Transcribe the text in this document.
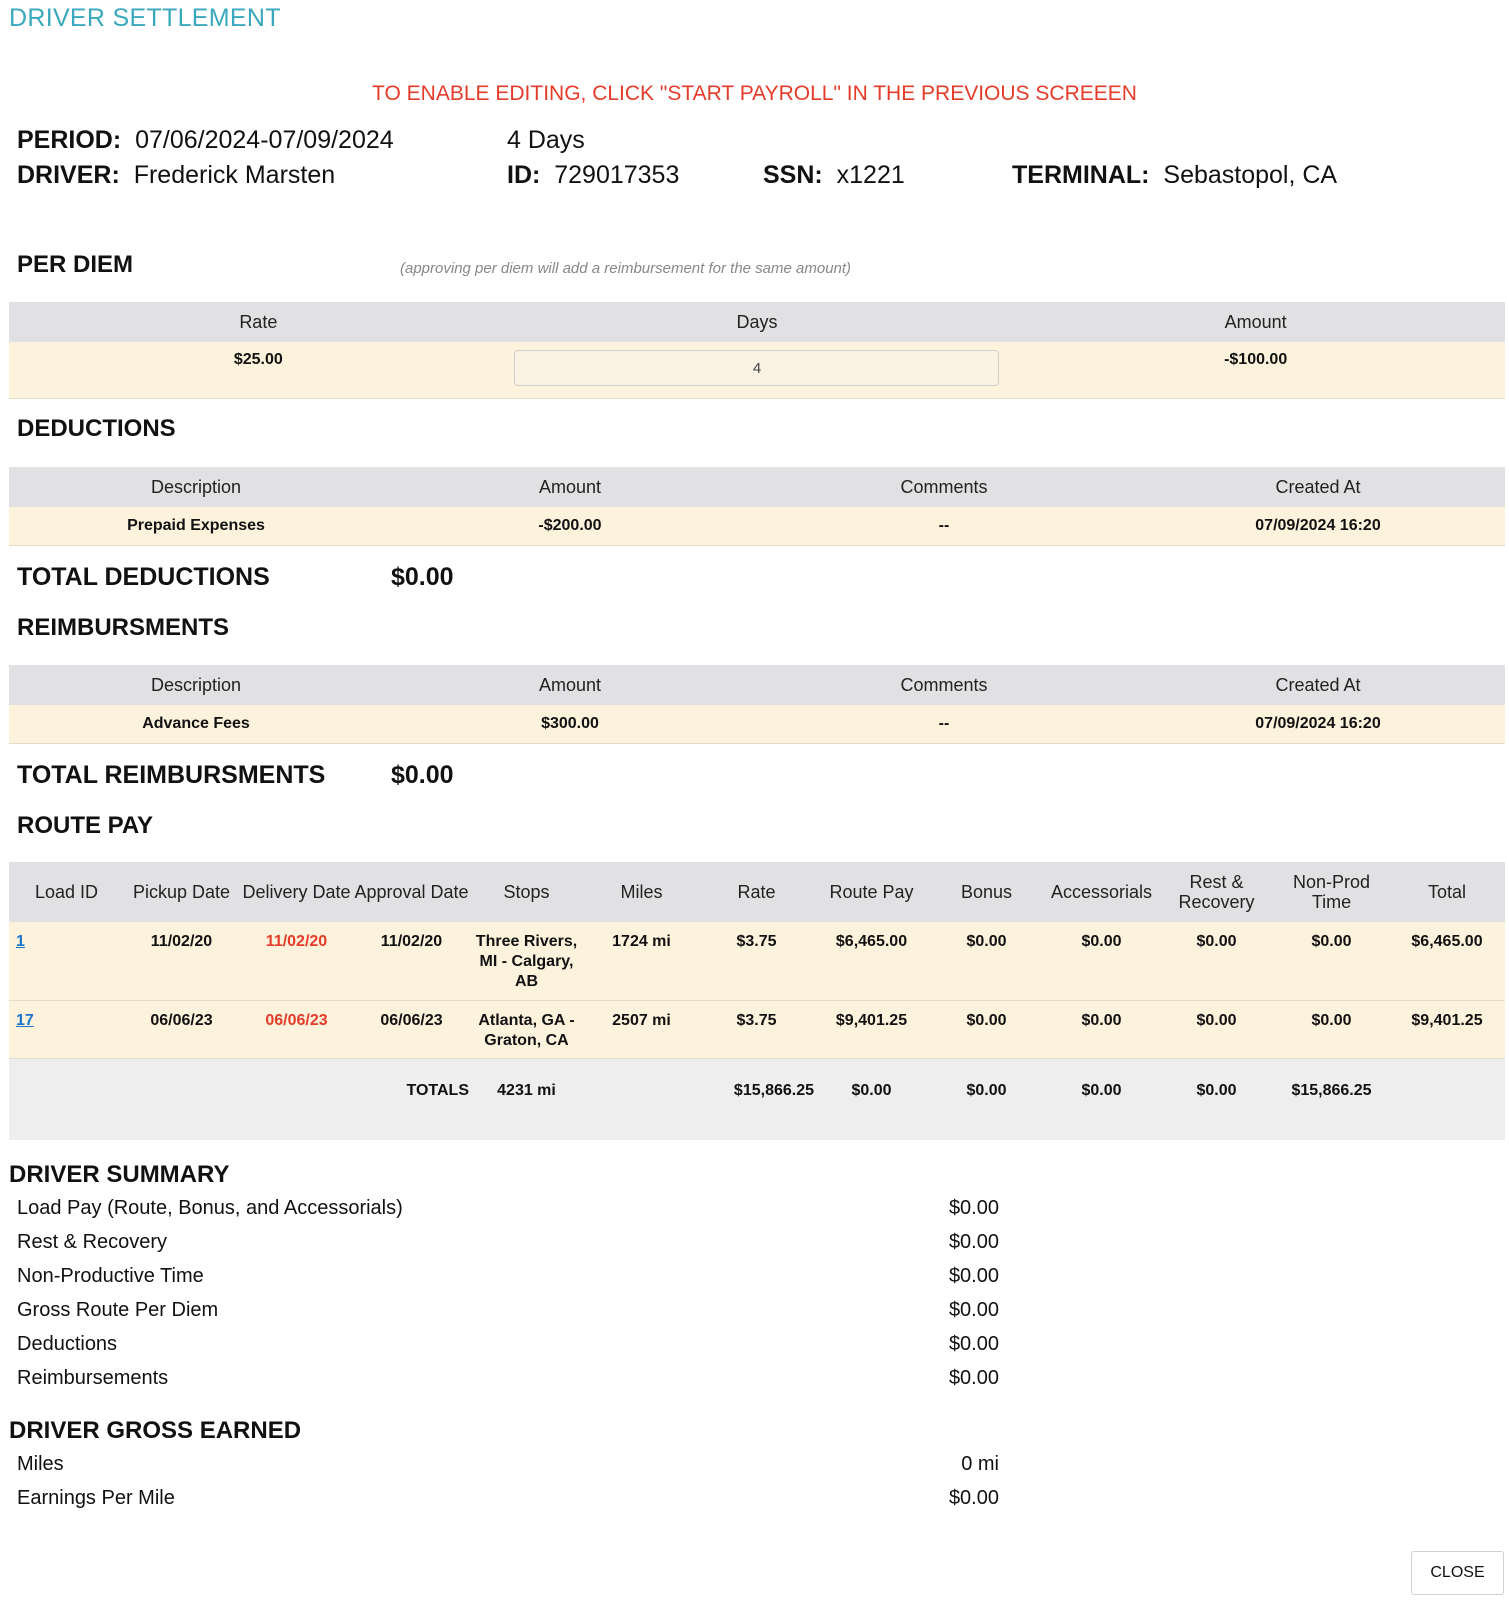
DRIVER SETTLEMENT
TO ENABLE EDITING, CLICK "START PAYROLL" IN THE PREVIOUS SCREEEN
PERIOD: 07/06/2024-07/09/2024	4 Days
DRIVER: Frederick Marsten	ID: 729017353	SSN: x1221	TERMINAL: Sebastopol, CA
PER DIEM	(approving per diem will add a reimbursement for the same amount)
Rate	Days	Amount
$25.00	4	-$100.00
DEDUCTIONS
Description	Amount	Comments	Created At
Prepaid Expenses	-$200.00	--	07/09/2024 16:20
TOTAL DEDUCTIONS	$0.00
REIMBURSMENTS
Description	Amount	Comments	Created At
Advance Fees	$300.00	--	07/09/2024 16:20
TOTAL REIMBURSMENTS	$0.00
ROUTE PAY
Load ID	Pickup Date	Delivery Date	Approval Date	Stops	Miles	Rate	Route Pay	Bonus	Accessorials	Rest & Recovery	Non-Prod Time	Total
1	11/02/20	11/02/20	11/02/20	Three Rivers, MI - Calgary, AB	1724 mi	$3.75	$6,465.00	$0.00	$0.00	$0.00	$0.00	$6,465.00
17	06/06/23	06/06/23	06/06/23	Atlanta, GA - Graton, CA	2507 mi	$3.75	$9,401.25	$0.00	$0.00	$0.00	$0.00	$9,401.25
			TOTALS	4231 mi		$15,866.25	$0.00	$0.00	$0.00	$0.00	$15,866.25	
DRIVER SUMMARY
Load Pay (Route, Bonus, and Accessorials)	$0.00
Rest & Recovery	$0.00
Non-Productive Time	$0.00
Gross Route Per Diem	$0.00
Deductions	$0.00
Reimbursements	$0.00
DRIVER GROSS EARNED
Miles	0 mi
Earnings Per Mile	$0.00
CLOSE
